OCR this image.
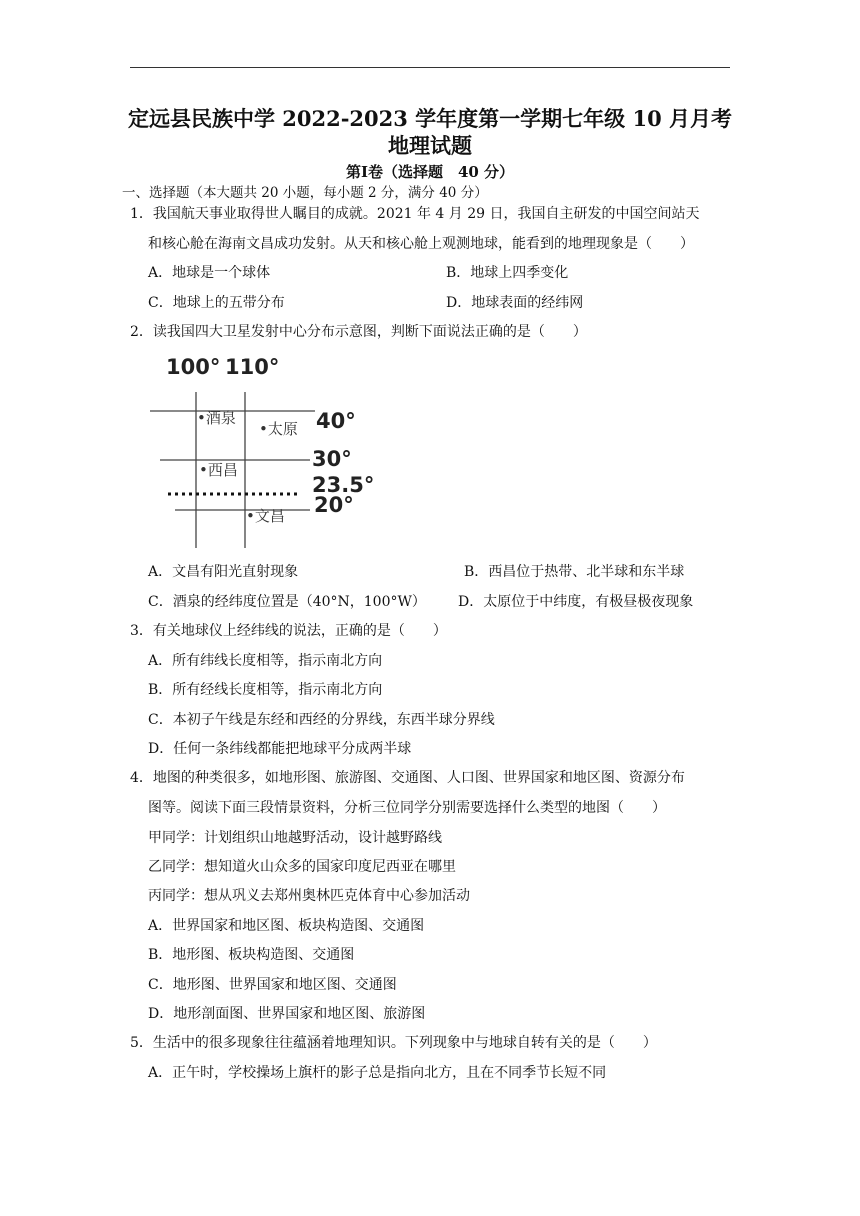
定远县民族中学 2022-2023 学年度第一学期七年级 10 月月考
地理试题
第Ⅰ卷（选择题　40 分）
一、选择题（本大题共 20 小题，每小题 2 分，满分 40 分）
1．我国航天事业取得世人瞩目的成就。2021 年 4 月 29 日，我国自主研发的中国空间站天
和核心舱在海南文昌成功发射。从天和核心舱上观测地球，能看到的地理现象是（　　）
A．地球是一个球体	B．地球上四季变化
C．地球上的五带分布	D．地球表面的经纬网
2．读我国四大卫星发射中心分布示意图，判断下面说法正确的是（　　）
100° 110°
40°
30°
23.5°
20°
•酒泉
•太原
•西昌
•文昌
A．文昌有阳光直射现象	B．西昌位于热带、北半球和东半球
C．酒泉的经纬度位置是（40°N，100°W） D．太原位于中纬度，有极昼极夜现象
3．有关地球仪上经纬线的说法，正确的是（　　）
A．所有纬线长度相等，指示南北方向
B．所有经线长度相等，指示南北方向
C．本初子午线是东经和西经的分界线，东西半球分界线
D．任何一条纬线都能把地球平分成两半球
4．地图的种类很多，如地形图、旅游图、交通图、人口图、世界国家和地区图、资源分布
图等。阅读下面三段情景资料，分析三位同学分别需要选择什么类型的地图（　　）
甲同学：计划组织山地越野活动，设计越野路线
乙同学：想知道火山众多的国家印度尼西亚在哪里
丙同学：想从巩义去郑州奥林匹克体育中心参加活动
A．世界国家和地区图、板块构造图、交通图
B．地形图、板块构造图、交通图
C．地形图、世界国家和地区图、交通图
D．地形剖面图、世界国家和地区图、旅游图
5．生活中的很多现象往往蕴涵着地理知识。下列现象中与地球自转有关的是（　　）
A．正午时，学校操场上旗杆的影子总是指向北方，且在不同季节长短不同
